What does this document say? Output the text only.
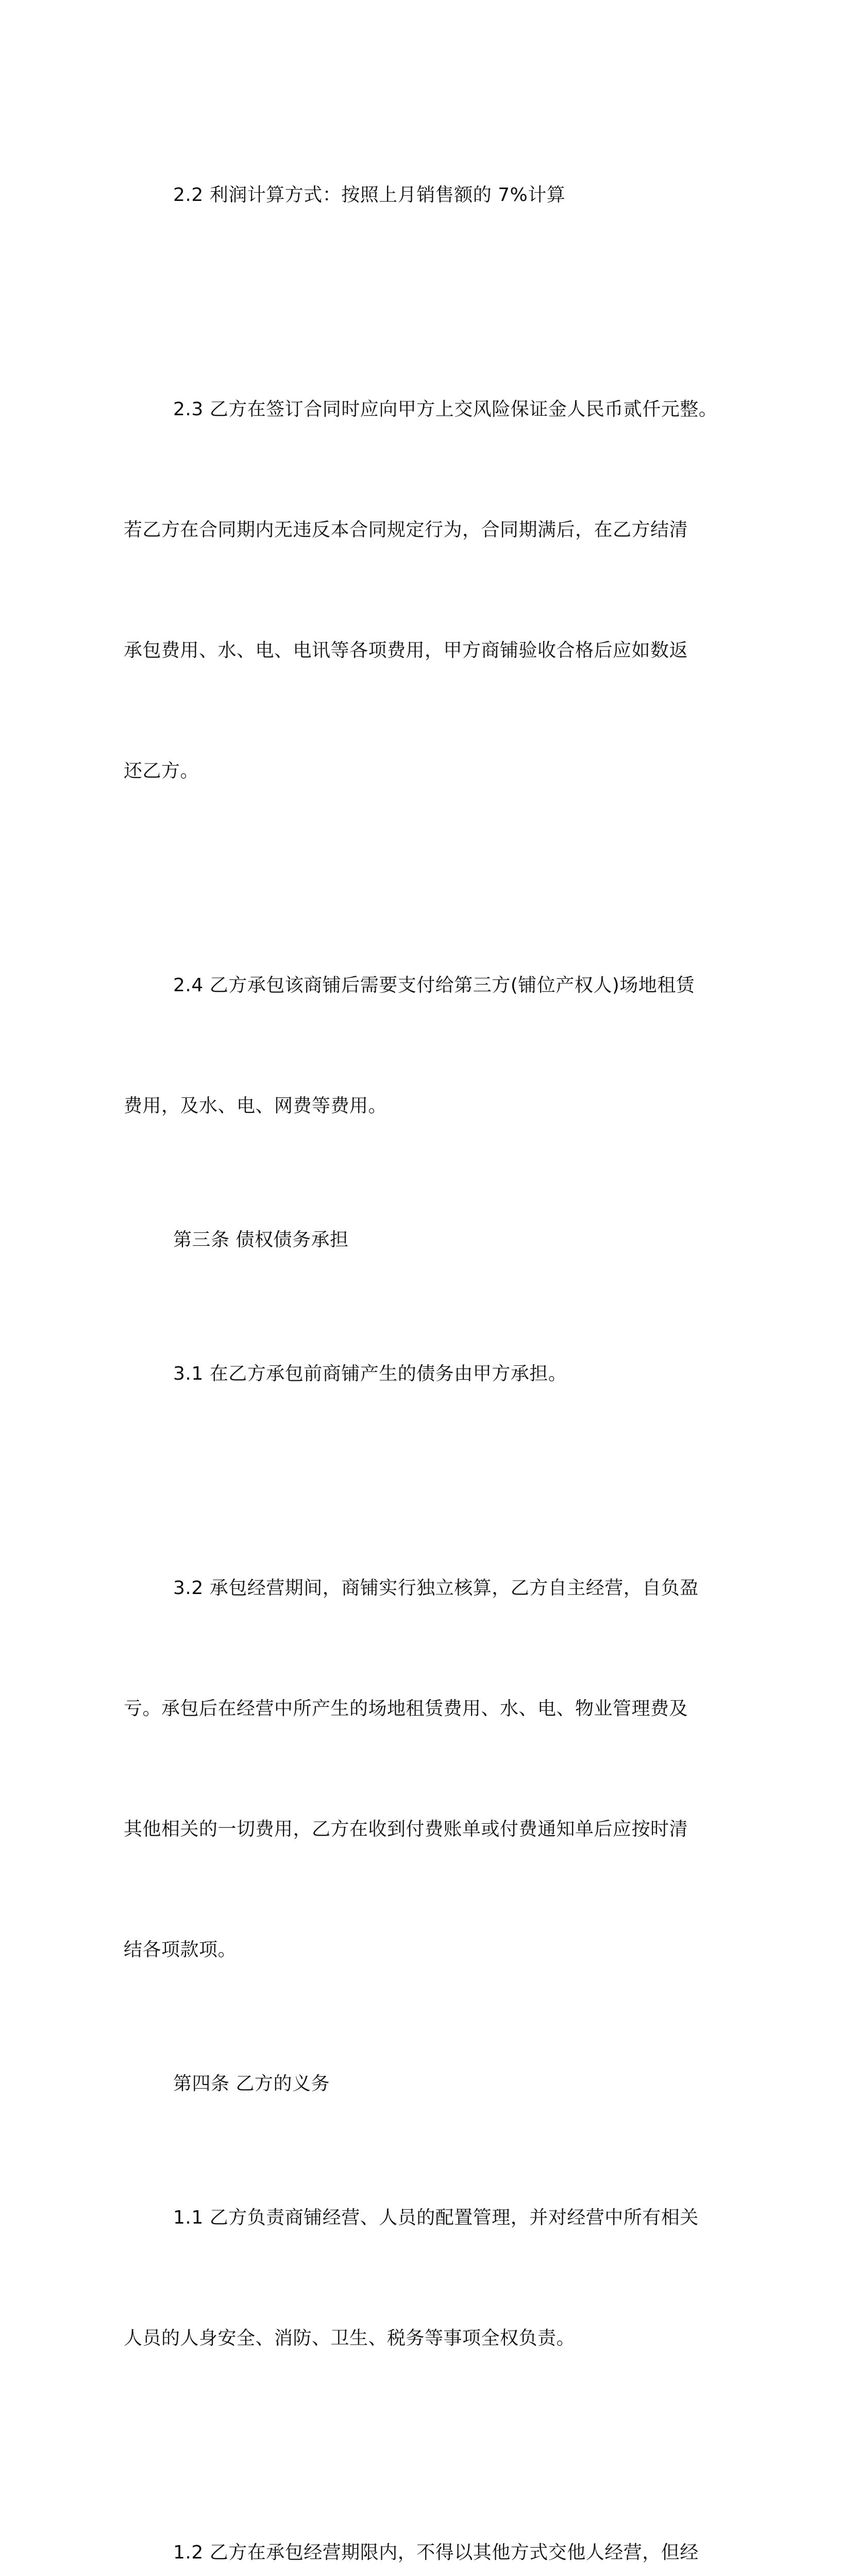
2.2 利润计算方式：按照上月销售额的 7%计算

2.3 乙方在签订合同时应向甲方上交风险保证金人民币贰仟元整。

若乙方在合同期内无违反本合同规定行为，合同期满后，在乙方结清

承包费用、水、电、电讯等各项费用，甲方商铺验收合格后应如数返

还乙方。

2.4 乙方承包该商铺后需要支付给第三方(铺位产权人)场地租赁

费用，及水、电、网费等费用。

第三条 债权债务承担

3.1 在乙方承包前商铺产生的债务由甲方承担。

3.2 承包经营期间，商铺实行独立核算，乙方自主经营，自负盈

亏。承包后在经营中所产生的场地租赁费用、水、电、物业管理费及

其他相关的一切费用，乙方在收到付费账单或付费通知单后应按时清

结各项款项。

第四条 乙方的义务

1.1 乙方负责商铺经营、人员的配置管理，并对经营中所有相关

人员的人身安全、消防、卫生、税务等事项全权负责。

1.2 乙方在承包经营期限内，不得以其他方式交他人经营，但经
